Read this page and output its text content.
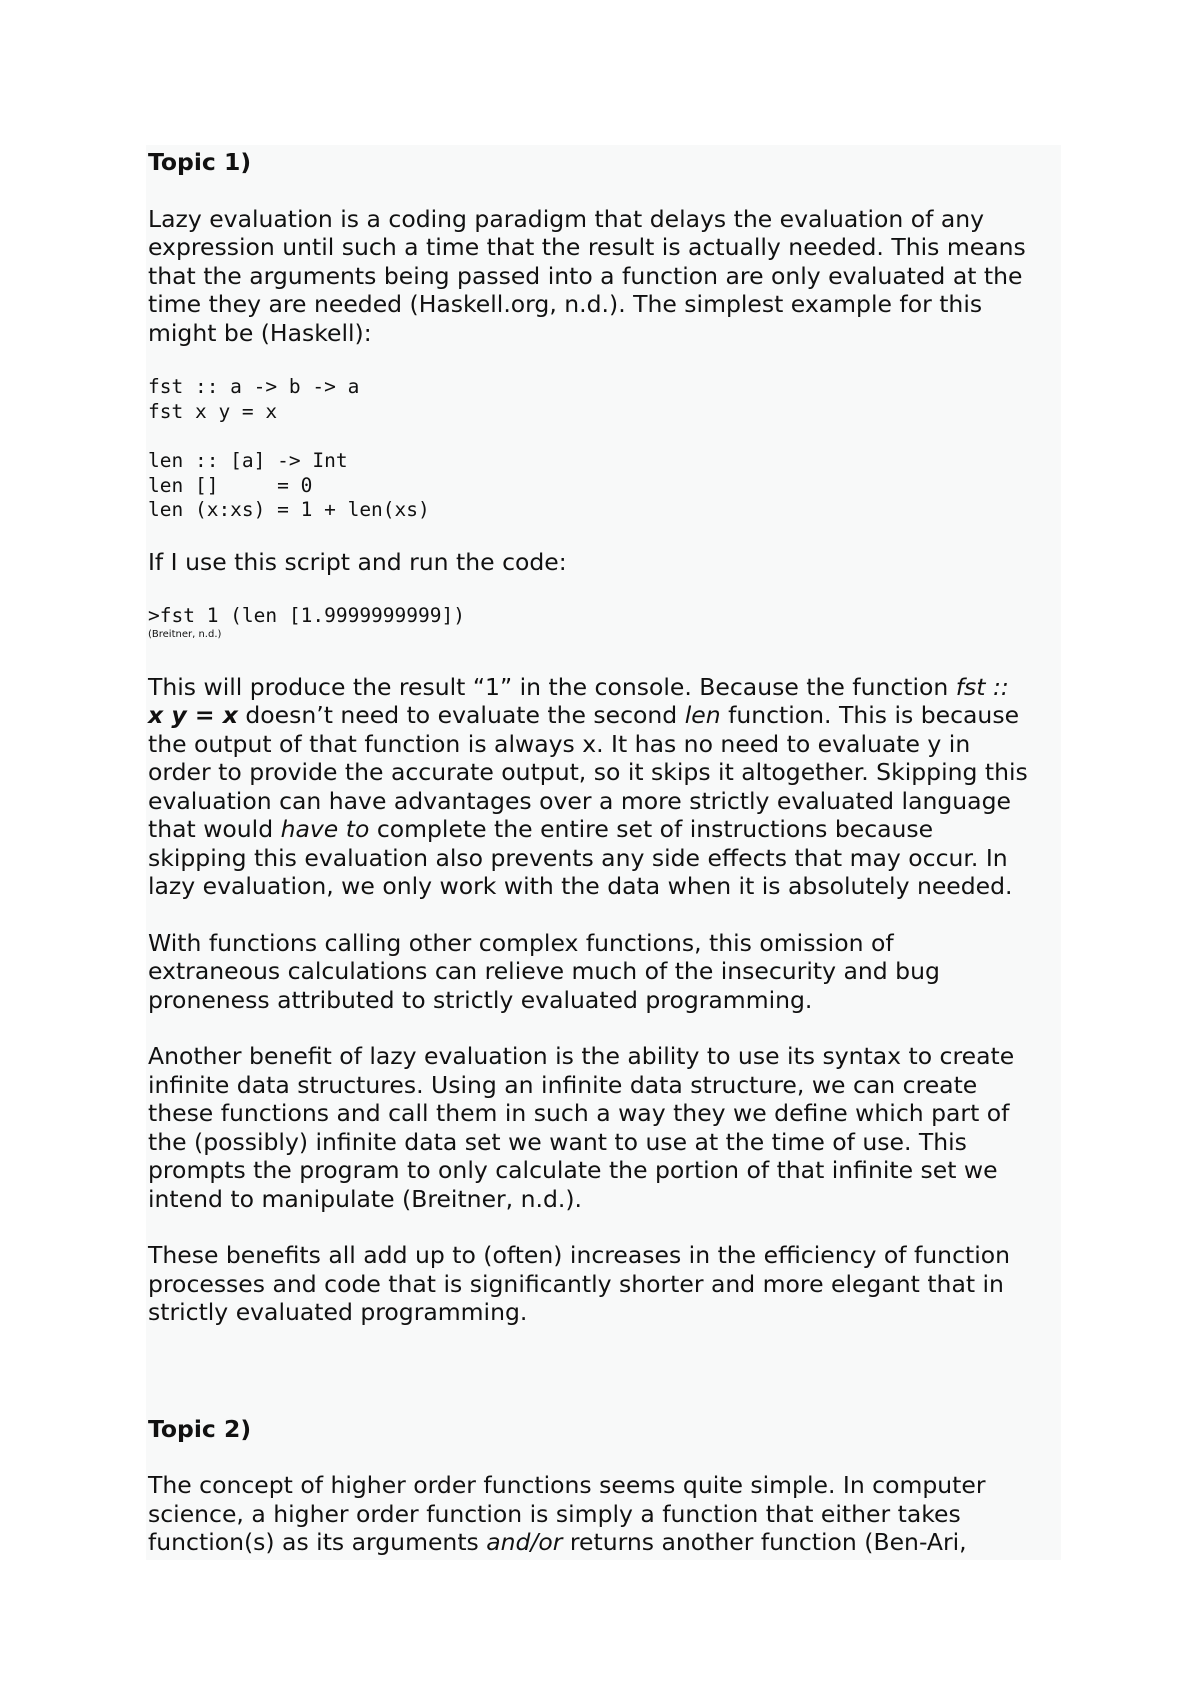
Topic 1)
Lazy evaluation is a coding paradigm that delays the evaluation of any
expression until such a time that the result is actually needed. This means
that the arguments being passed into a function are only evaluated at the
time they are needed (Haskell.org, n.d.). The simplest example for this
might be (Haskell):
fst :: a -> b -> a
fst x y = x
len :: [a] -> Int
len []     = 0
len (x:xs) = 1 + len(xs)
If I use this script and run the code:
>fst 1 (len [1.9999999999])
(Breitner, n.d.)
This will produce the result “1” in the console. Because the function fst ::
x y = x doesn’t need to evaluate the second len function. This is because
the output of that function is always x. It has no need to evaluate y in
order to provide the accurate output, so it skips it altogether. Skipping this
evaluation can have advantages over a more strictly evaluated language
that would have to complete the entire set of instructions because
skipping this evaluation also prevents any side effects that may occur. In
lazy evaluation, we only work with the data when it is absolutely needed.
With functions calling other complex functions, this omission of
extraneous calculations can relieve much of the insecurity and bug
proneness attributed to strictly evaluated programming.
Another benefit of lazy evaluation is the ability to use its syntax to create
infinite data structures. Using an infinite data structure, we can create
these functions and call them in such a way they we define which part of
the (possibly) infinite data set we want to use at the time of use. This
prompts the program to only calculate the portion of that infinite set we
intend to manipulate (Breitner, n.d.).
These benefits all add up to (often) increases in the efficiency of function
processes and code that is significantly shorter and more elegant that in
strictly evaluated programming.
Topic 2)
The concept of higher order functions seems quite simple. In computer
science, a higher order function is simply a function that either takes
function(s) as its arguments and/or returns another function (Ben-Ari,
